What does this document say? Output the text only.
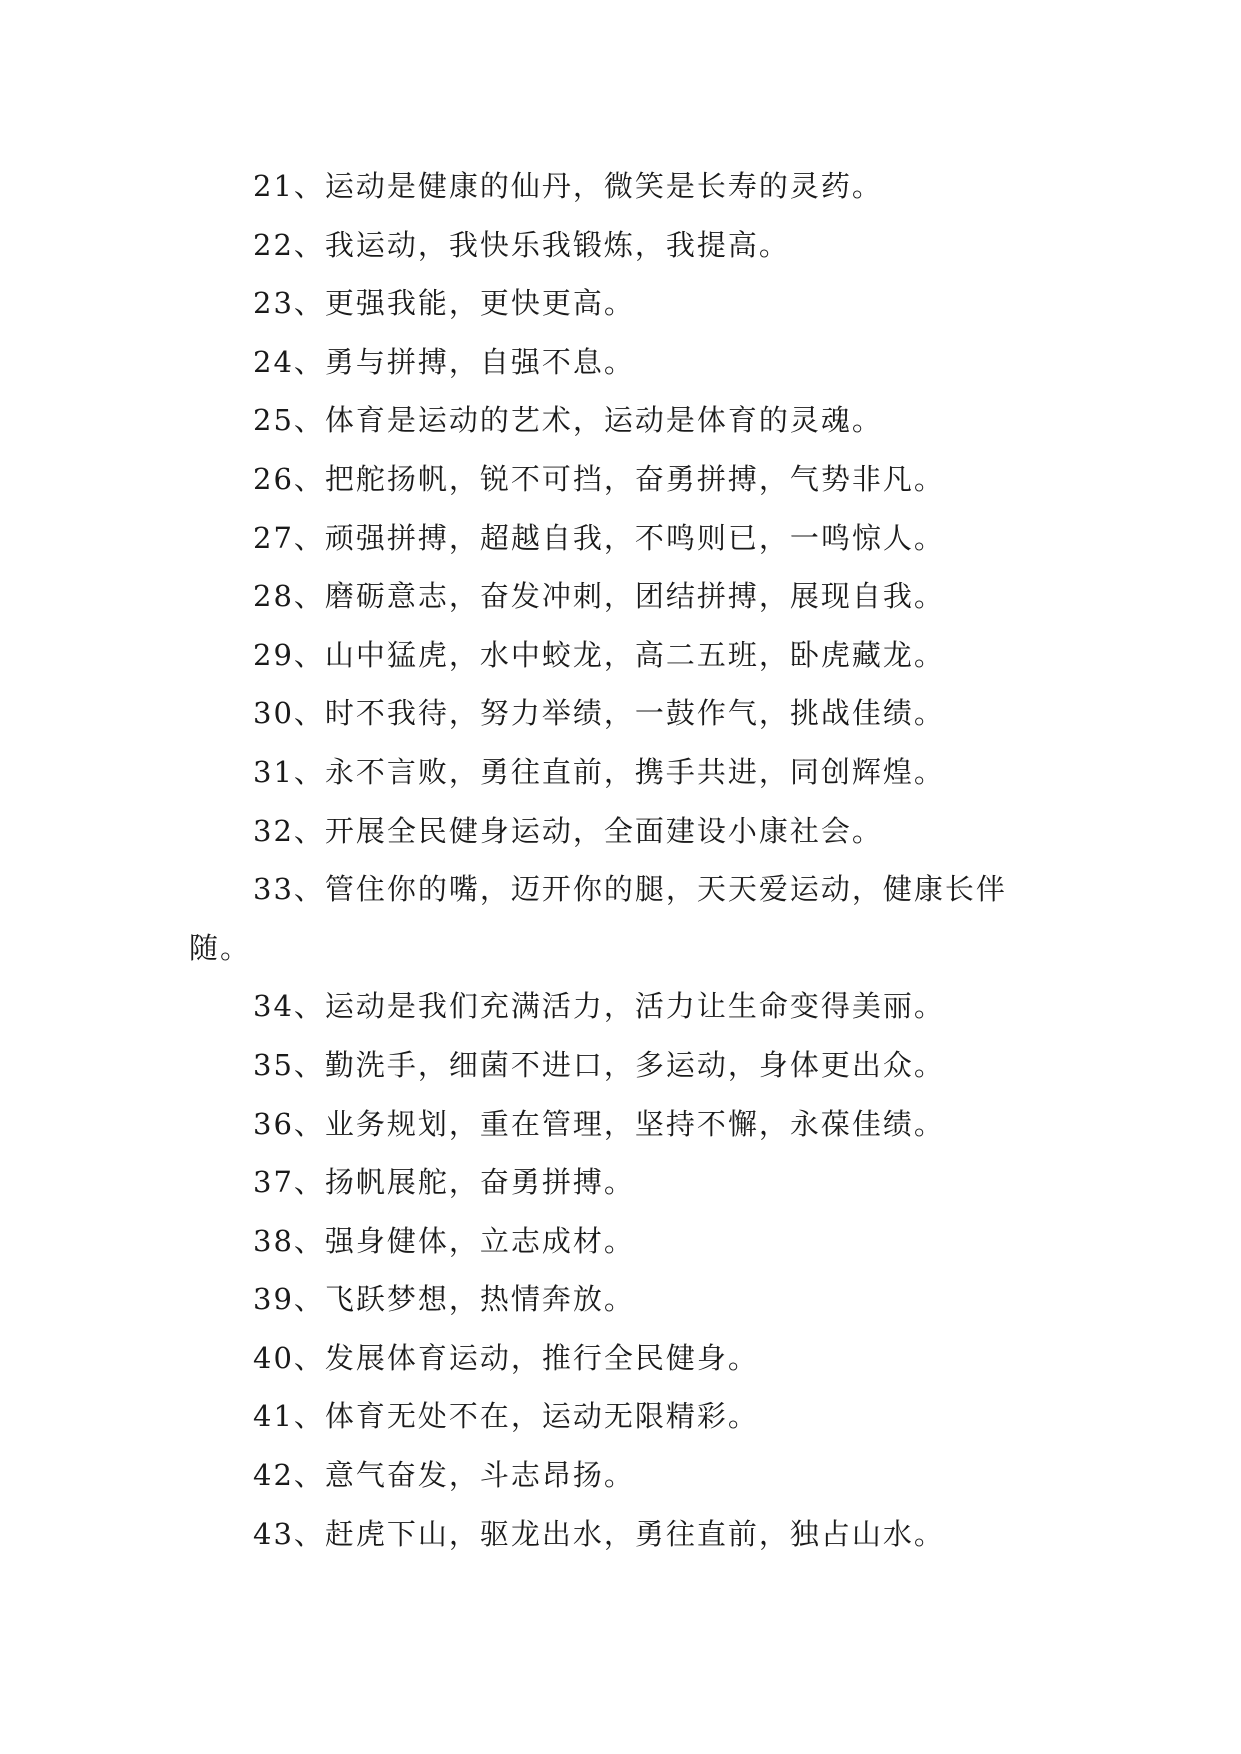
21、运动是健康的仙丹，微笑是长寿的灵药。
22、我运动，我快乐我锻炼，我提高。
23、更强我能，更快更高。
24、勇与拼搏，自强不息。
25、体育是运动的艺术，运动是体育的灵魂。
26、把舵扬帆，锐不可挡，奋勇拼搏，气势非凡。
27、顽强拼搏，超越自我，不鸣则已，一鸣惊人。
28、磨砺意志，奋发冲刺，团结拼搏，展现自我。
29、山中猛虎，水中蛟龙，高二五班，卧虎藏龙。
30、时不我待，努力举绩，一鼓作气，挑战佳绩。
31、永不言败，勇往直前，携手共进，同创辉煌。
32、开展全民健身运动，全面建设小康社会。
33、管住你的嘴，迈开你的腿，天天爱运动，健康长伴
随。
34、运动是我们充满活力，活力让生命变得美丽。
35、勤洗手，细菌不进口，多运动，身体更出众。
36、业务规划，重在管理，坚持不懈，永葆佳绩。
37、扬帆展舵，奋勇拼搏。
38、强身健体，立志成材。
39、飞跃梦想，热情奔放。
40、发展体育运动，推行全民健身。
41、体育无处不在，运动无限精彩。
42、意气奋发，斗志昂扬。
43、赶虎下山，驱龙出水，勇往直前，独占山水。
